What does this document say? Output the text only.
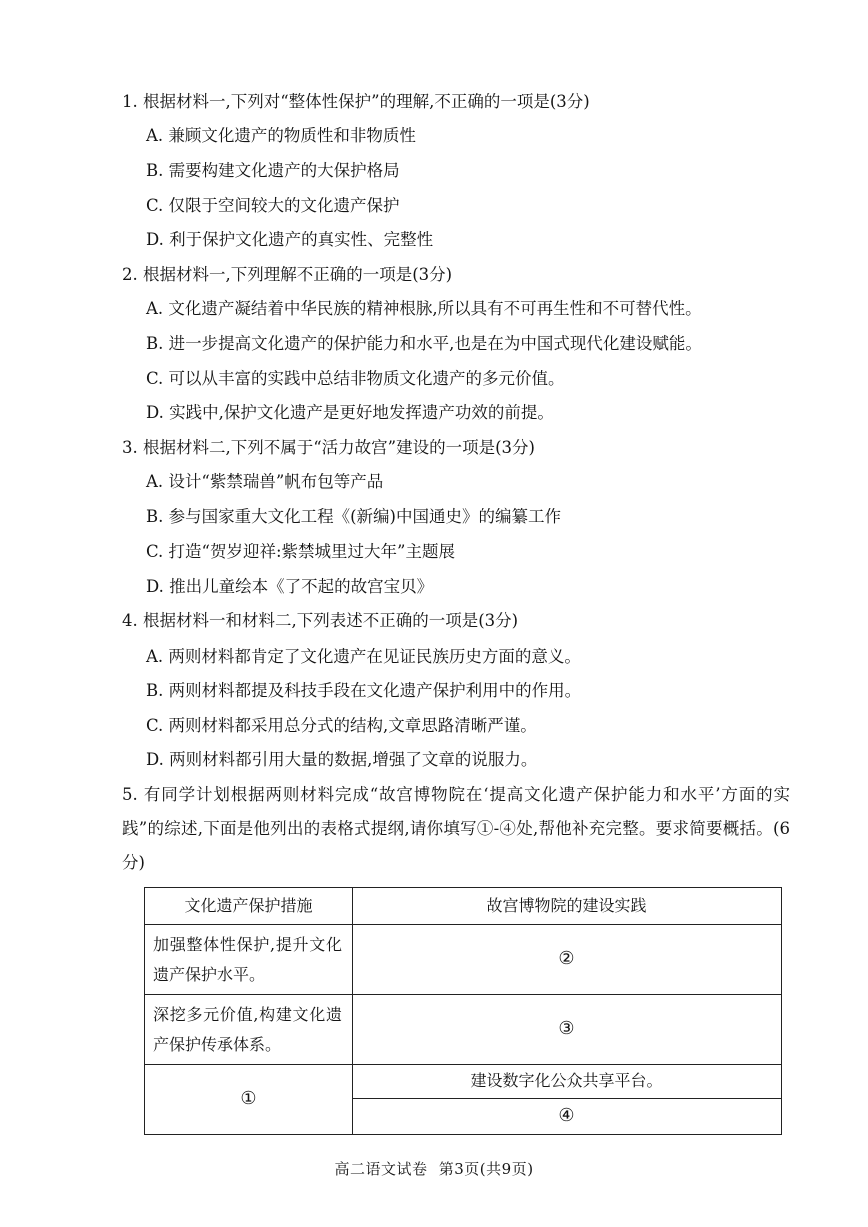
1. 根据材料一,下列对“整体性保护”的理解,不正确的一项是(3分)
A. 兼顾文化遗产的物质性和非物质性
B. 需要构建文化遗产的大保护格局
C. 仅限于空间较大的文化遗产保护
D. 利于保护文化遗产的真实性、完整性
2. 根据材料一,下列理解不正确的一项是(3分)
A. 文化遗产凝结着中华民族的精神根脉,所以具有不可再生性和不可替代性。
B. 进一步提高文化遗产的保护能力和水平,也是在为中国式现代化建设赋能。
C. 可以从丰富的实践中总结非物质文化遗产的多元价值。
D. 实践中,保护文化遗产是更好地发挥遗产功效的前提。
3. 根据材料二,下列不属于“活力故宫”建设的一项是(3分)
A. 设计“紫禁瑞兽”帆布包等产品
B. 参与国家重大文化工程《(新编)中国通史》的编纂工作
C. 打造“贺岁迎祥:紫禁城里过大年”主题展
D. 推出儿童绘本《了不起的故宫宝贝》
4. 根据材料一和材料二,下列表述不正确的一项是(3分)
A. 两则材料都肯定了文化遗产在见证民族历史方面的意义。
B. 两则材料都提及科技手段在文化遗产保护利用中的作用。
C. 两则材料都采用总分式的结构,文章思路清晰严谨。
D. 两则材料都引用大量的数据,增强了文章的说服力。
5. 有同学计划根据两则材料完成“故宫博物院在‘提高文化遗产保护能力和水平’方面的实践”的综述,下面是他列出的表格式提纲,请你填写①-④处,帮他补充完整。要求简要概括。(6分)
文化遗产保护措施	故宫博物院的建设实践
加强整体性保护,提升文化遗产保护水平。
②
深挖多元价值,构建文化遗产保护传承体系。
③
①
建设数字化公众共享平台。
④
高二语文试卷 第3页(共9页)
